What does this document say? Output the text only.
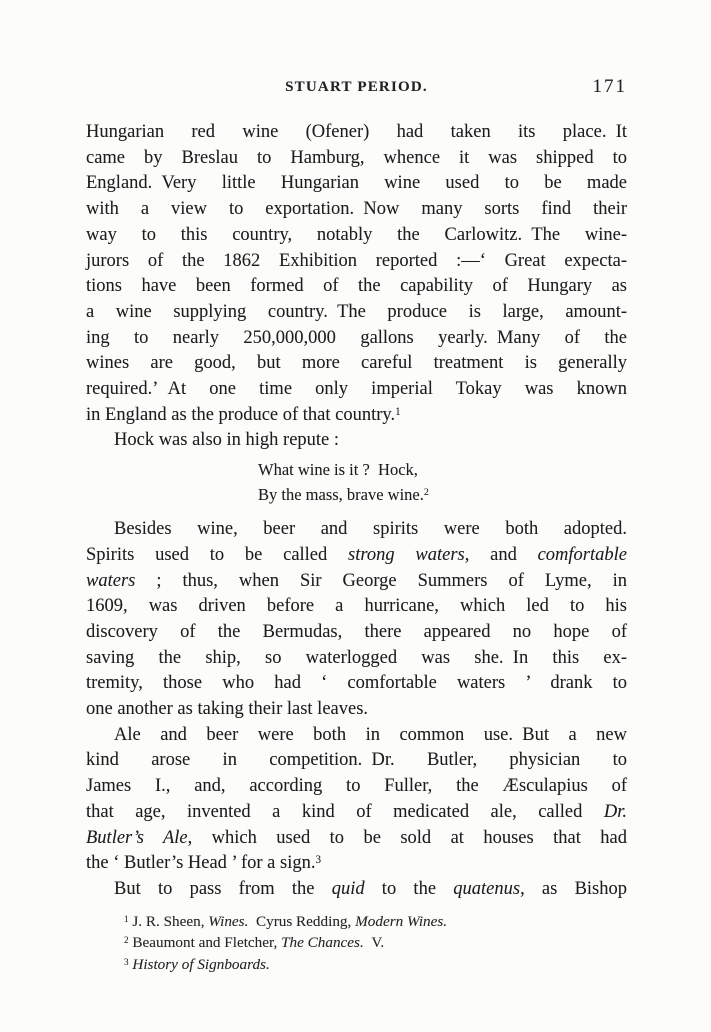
STUART PERIOD.	171
Hungarian red wine (Ofener) had taken its place. It
came by Breslau to Hamburg, whence it was shipped to
England. Very little Hungarian wine used to be made
with a view to exportation. Now many sorts find their
way to this country, notably the Carlowitz. The wine-
jurors of the 1862 Exhibition reported :—‘ Great expecta-
tions have been formed of the capability of Hungary as
a wine supplying country. The produce is large, amount-
ing to nearly 250,000,000 gallons yearly. Many of the
wines are good, but more careful treatment is generally
required.’ At one time only imperial Tokay was known
in England as the produce of that country.$^1$
Hock was also in high repute :
What wine is it ? Hock,
By the mass, brave wine.$^2$
Besides wine, beer and spirits were both adopted.
Spirits used to be called strong waters, and comfortable
waters ; thus, when Sir George Summers of Lyme, in
1609, was driven before a hurricane, which led to his
discovery of the Bermudas, there appeared no hope of
saving the ship, so waterlogged was she. In this ex-
tremity, those who had ‘ comfortable waters ’ drank to
one another as taking their last leaves.
Ale and beer were both in common use. But a new
kind arose in competition. Dr. Butler, physician to
James I., and, according to Fuller, the Æsculapius of
that age, invented a kind of medicated ale, called Dr.
Butler’s Ale, which used to be sold at houses that had
the ‘ Butler’s Head ’ for a sign.$^3$
But to pass from the quid to the quatenus, as Bishop
$^1$ J. R. Sheen, Wines. Cyrus Redding, Modern Wines.
$^2$ Beaumont and Fletcher, The Chances. V.
$^3$ History of Signboards.
